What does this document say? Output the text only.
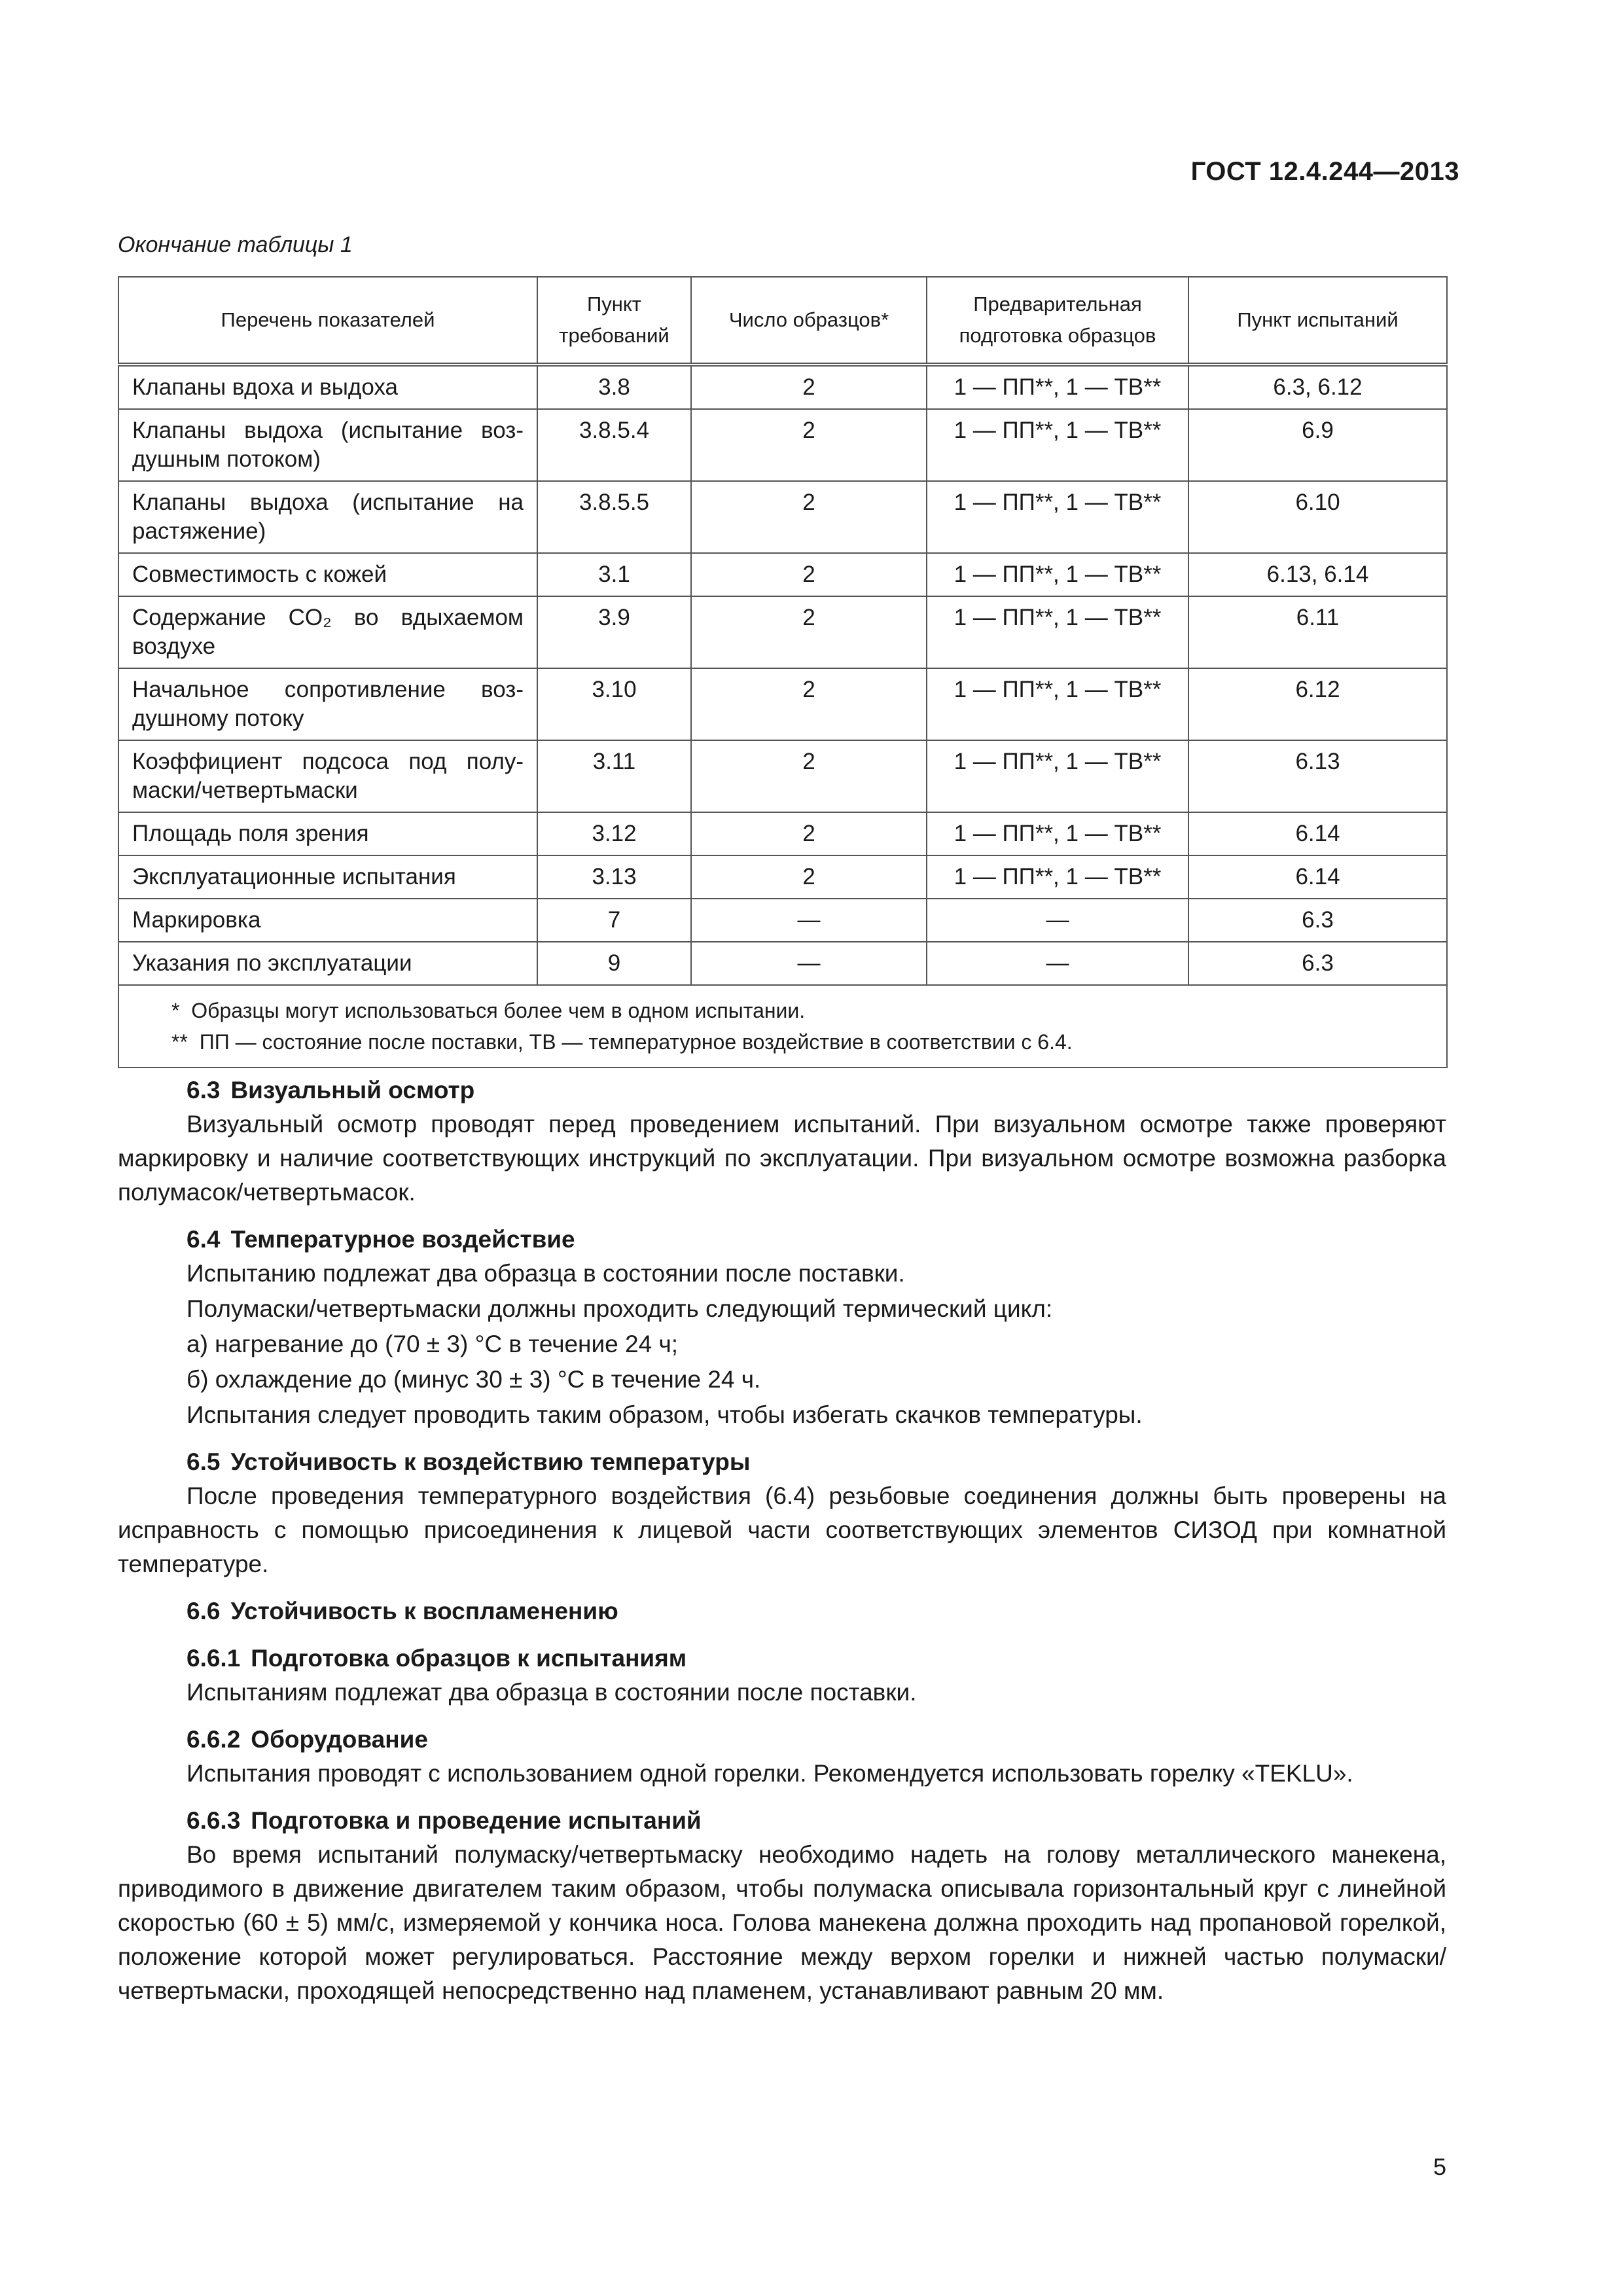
ГОСТ 12.4.244—2013
Окончание таблицы 1
Перечень показателей	Пункт требований	Число образцов*	Предварительная подготовка образцов	Пункт испытаний
Клапаны вдоха и выдоха	3.8	2	1 — ПП**, 1 — ТВ**	6.3, 6.12
Клапаны выдоха (испытание воздушным потоком)	3.8.5.4	2	1 — ПП**, 1 — ТВ**	6.9
Клапаны выдоха (испытание на растяжение)	3.8.5.5	2	1 — ПП**, 1 — ТВ**	6.10
Совместимость с кожей	3.1	2	1 — ПП**, 1 — ТВ**	6.13, 6.14
Содержание CO₂ во вдыхаемом воздухе	3.9	2	1 — ПП**, 1 — ТВ**	6.11
Начальное сопротивление воздушному потоку	3.10	2	1 — ПП**, 1 — ТВ**	6.12
Коэффициент подсоса под полумаски/четвертьмаски	3.11	2	1 — ПП**, 1 — ТВ**	6.13
Площадь поля зрения	3.12	2	1 — ПП**, 1 — ТВ**	6.14
Эксплуатационные испытания	3.13	2	1 — ПП**, 1 — ТВ**	6.14
Маркировка	7	—	—	6.3
Указания по эксплуатации	9	—	—	6.3

*  Образцы могут использоваться более чем в одном испытании.
**  ПП — состояние после поставки, ТВ — температурное воздействие в соответствии с 6.4.				
6.3 Визуальный осмотр

Визуальный осмотр проводят перед проведением испытаний. При визуальном осмотре также проверяют маркировку и наличие соответствующих инструкций по эксплуатации. При визуальном осмотре возможна разборка полумасок/четвертьмасок.

6.4 Температурное воздействие

Испытанию подлежат два образца в состоянии после поставки.

Полумаски/четвертьмаски должны проходить следующий термический цикл:

а) нагревание до (70 ± 3) °С в течение 24 ч;

б) охлаждение до (минус 30 ± 3) °С в течение 24 ч.

Испытания следует проводить таким образом, чтобы избегать скачков температуры.

6.5 Устойчивость к воздействию температуры

После проведения температурного воздействия (6.4) резьбовые соединения должны быть проверены на исправность с помощью присоединения к лицевой части соответствующих элементов СИЗОД при комнатной температуре.

6.6 Устойчивость к воспламенению
6.6.1 Подготовка образцов к испытаниям

Испытаниям подлежат два образца в состоянии после поставки.

6.6.2 Оборудование

Испытания проводят с использованием одной горелки. Рекомендуется использовать горелку «TEKLU».

6.6.3 Подготовка и проведение испытаний

Во время испытаний полумаску/четвертьмаску необходимо надеть на голову металлического манекена, приводимого в движение двигателем таким образом, чтобы полумаска описывала горизонтальный круг с линейной скоростью (60 ± 5) мм/с, измеряемой у кончика носа. Голова манекена должна проходить над пропановой горелкой, положение которой может регулироваться. Расстояние между верхом горелки и нижней частью полумаски/четвертьмаски, проходящей непосредственно над пламенем, устанавливают равным 20 мм.

5
